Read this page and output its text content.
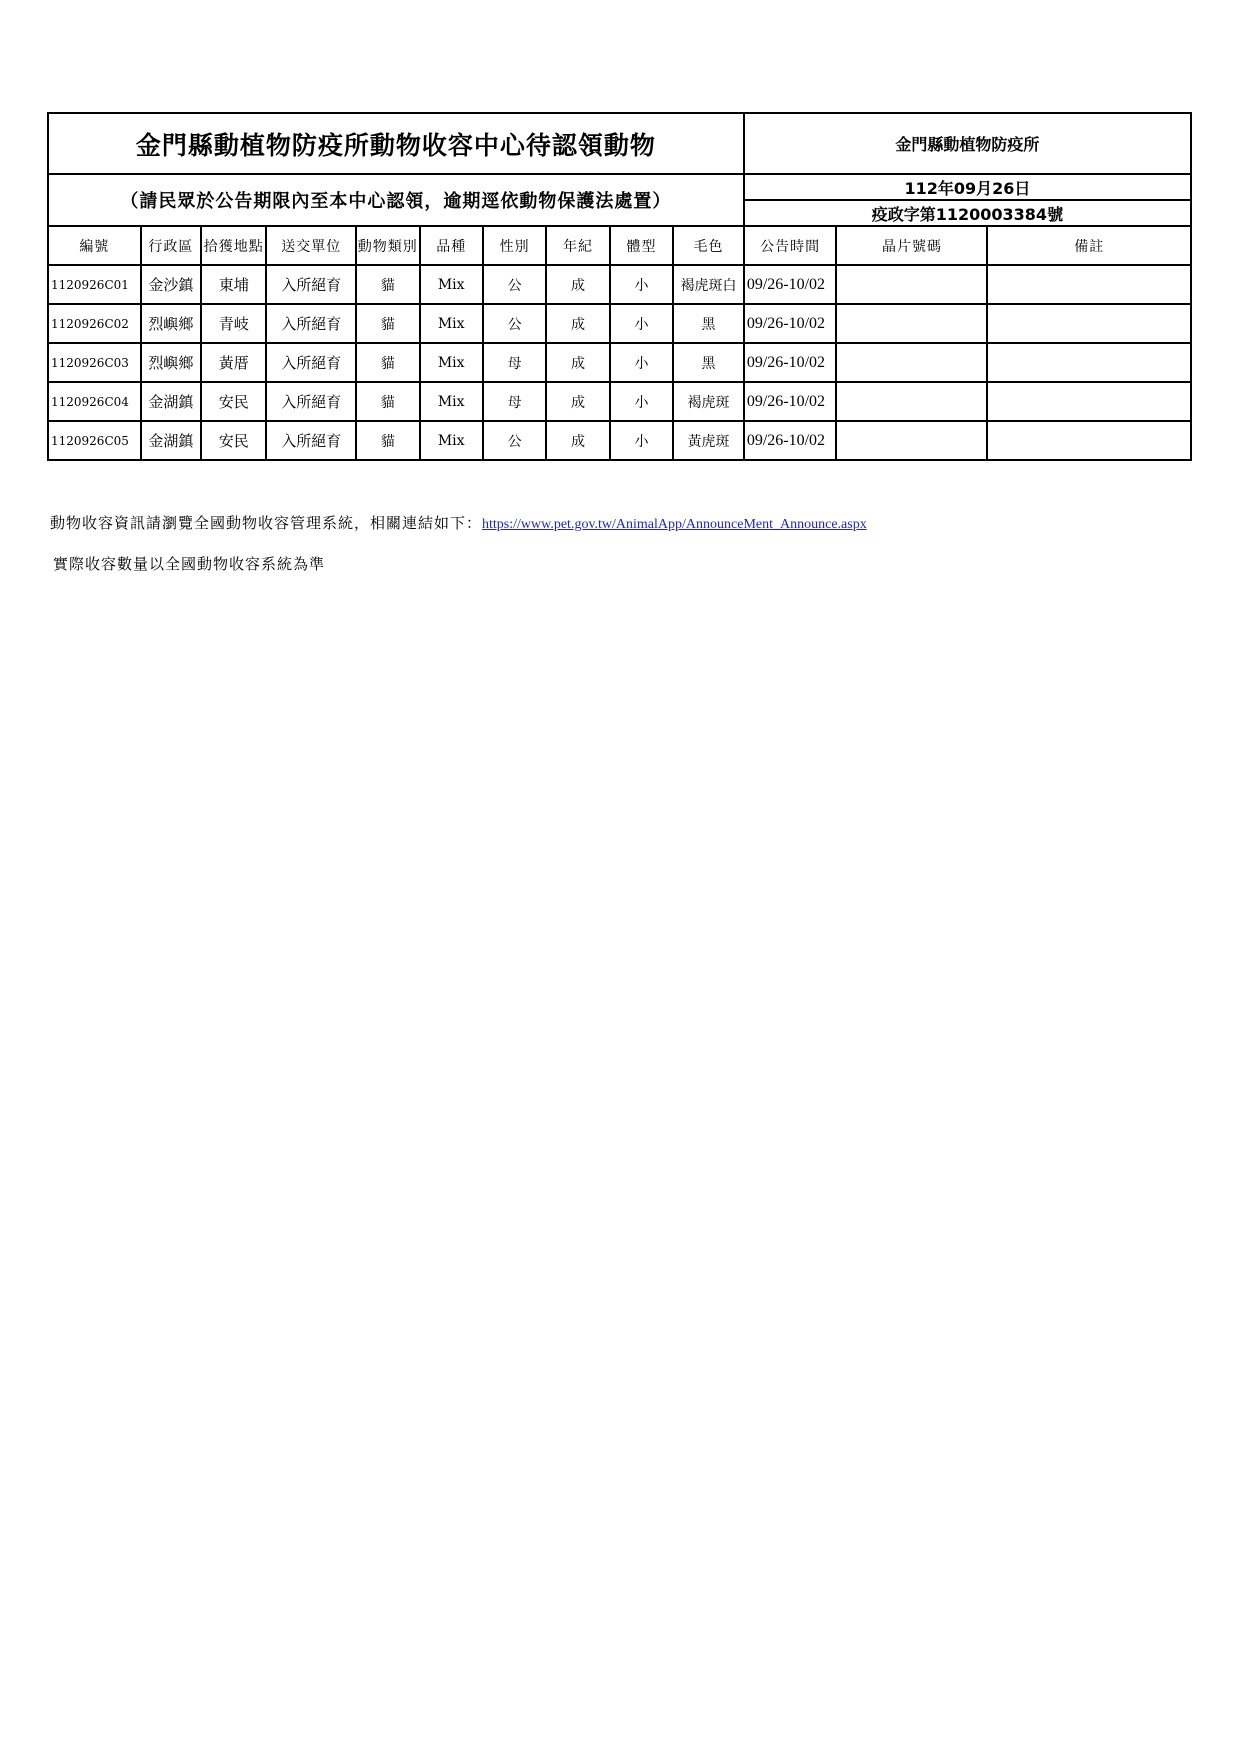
金門縣動植物防疫所動物收容中心待認領動物										金門縣動植物防疫所		
（請民眾於公告期限內至本中心認領，逾期逕依動物保護法處置）										112年09月26日		
										疫政字第1120003384號		
編號	行政區	拾獲地點	送交單位	動物類別	品種	性別	年紀	體型	毛色	公告時間	晶片號碼	備註
1120926C01	金沙鎮	東埔	入所絕育	貓	Mix	公	成	小	褐虎斑白	09/26-10/02		
1120926C02	烈嶼鄉	青岐	入所絕育	貓	Mix	公	成	小	黑	09/26-10/02		
1120926C03	烈嶼鄉	黃厝	入所絕育	貓	Mix	母	成	小	黑	09/26-10/02		
1120926C04	金湖鎮	安民	入所絕育	貓	Mix	母	成	小	褐虎斑	09/26-10/02		
1120926C05	金湖鎮	安民	入所絕育	貓	Mix	公	成	小	黃虎斑	09/26-10/02		
動物收容資訊請瀏覽全國動物收容管理系統，相關連結如下：https://www.pet.gov.tw/AnimalApp/AnnounceMent_Announce.aspx
實際收容數量以全國動物收容系統為準
